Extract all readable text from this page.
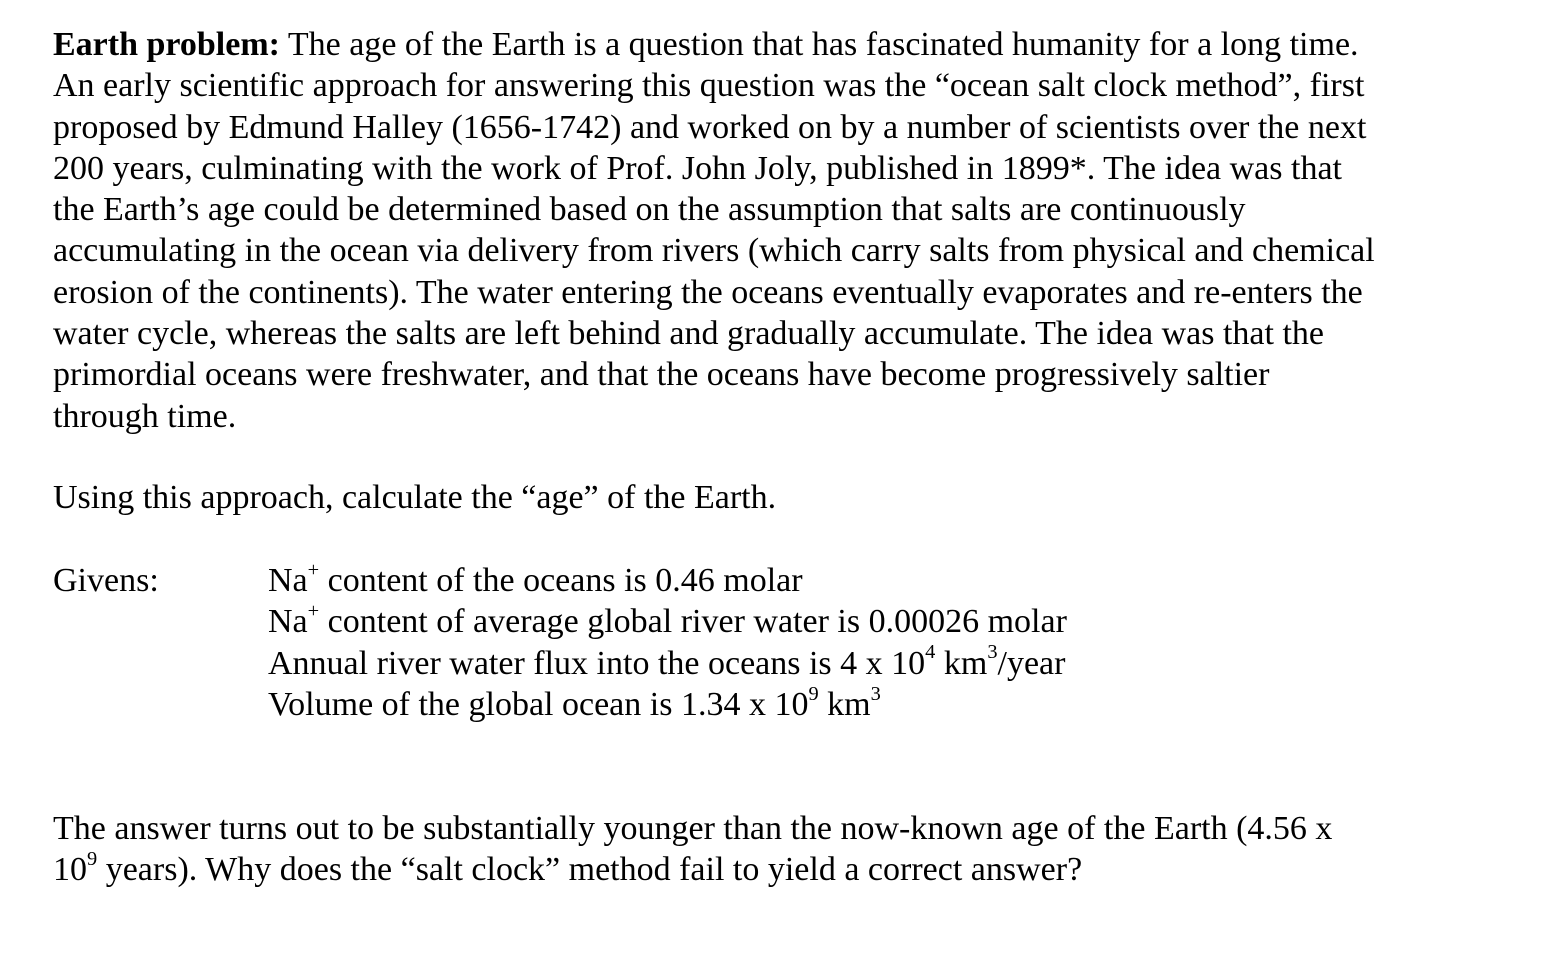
Earth problem: The age of the Earth is a question that has fascinated humanity for a long time.
An early scientific approach for answering this question was the “ocean salt clock method”, first
proposed by Edmund Halley (1656-1742) and worked on by a number of scientists over the next
200 years, culminating with the work of Prof. John Joly, published in 1899*. The idea was that
the Earth’s age could be determined based on the assumption that salts are continuously
accumulating in the ocean via delivery from rivers (which carry salts from physical and chemical
erosion of the continents). The water entering the oceans eventually evaporates and re-enters the
water cycle, whereas the salts are left behind and gradually accumulate. The idea was that the
primordial oceans were freshwater, and that the oceans have become progressively saltier
through time.

Using this approach, calculate the “age” of the Earth.

Givens:	Na+ content of the oceans is 0.46 molar
Na+ content of average global river water is 0.00026 molar
Annual river water flux into the oceans is 4 x $10^4$ $km^3$/year
Volume of the global ocean is 1.34 x $10^9$ $km^3$

The answer turns out to be substantially younger than the now-known age of the Earth (4.56 x
$10^9$ years). Why does the “salt clock” method fail to yield a correct answer?
